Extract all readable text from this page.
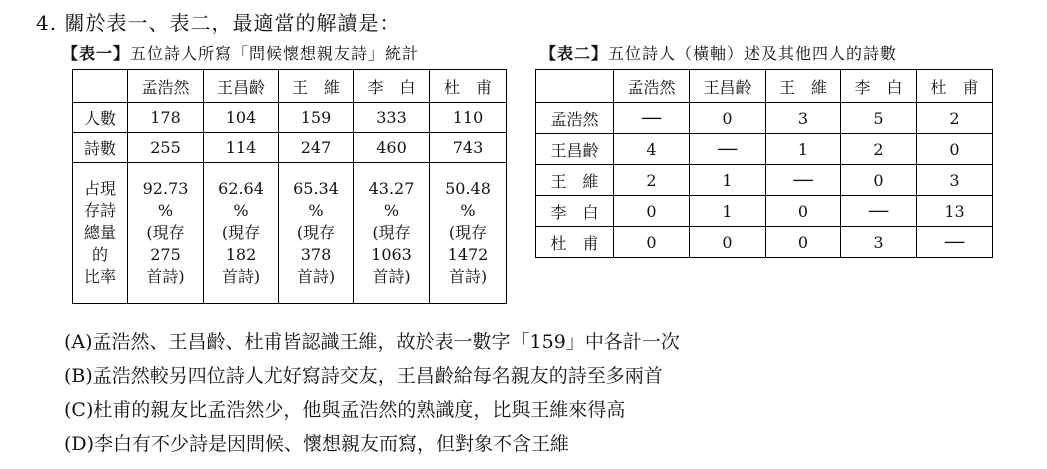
4. 關於表一、表二，最適當的解讀是：
【表一】五位詩人所寫「問候懷想親友詩」統計	【表二】五位詩人（橫軸）述及其他四人的詩數
	孟浩然	王昌齡	王　維	李　白	杜　甫
人數	178	104	159	333	110
詩數	255	114	247	460	743
占現
存詩
總量
的
比率	92.73
%
(現存
275
首詩)	62.64
%
(現存
182
首詩)	65.34
%
(現存
378
首詩)	43.27
%
(現存
1063
首詩)	50.48
%
(現存
1472
首詩)
	孟浩然	王昌齡	王　維	李　白	杜　甫
孟浩然	──	0	3	5	2
王昌齡	4	──	1	2	0
王　維	2	1	──	0	3
李　白	0	1	0	──	13
杜　甫	0	0	0	3	──
(A)孟浩然、王昌齡、杜甫皆認識王維，故於表一數字「159」中各計一次
(B)孟浩然較另四位詩人尤好寫詩交友，王昌齡給每名親友的詩至多兩首
(C)杜甫的親友比孟浩然少，他與孟浩然的熟識度，比與王維來得高
(D)李白有不少詩是因問候、懷想親友而寫，但對象不含王維
